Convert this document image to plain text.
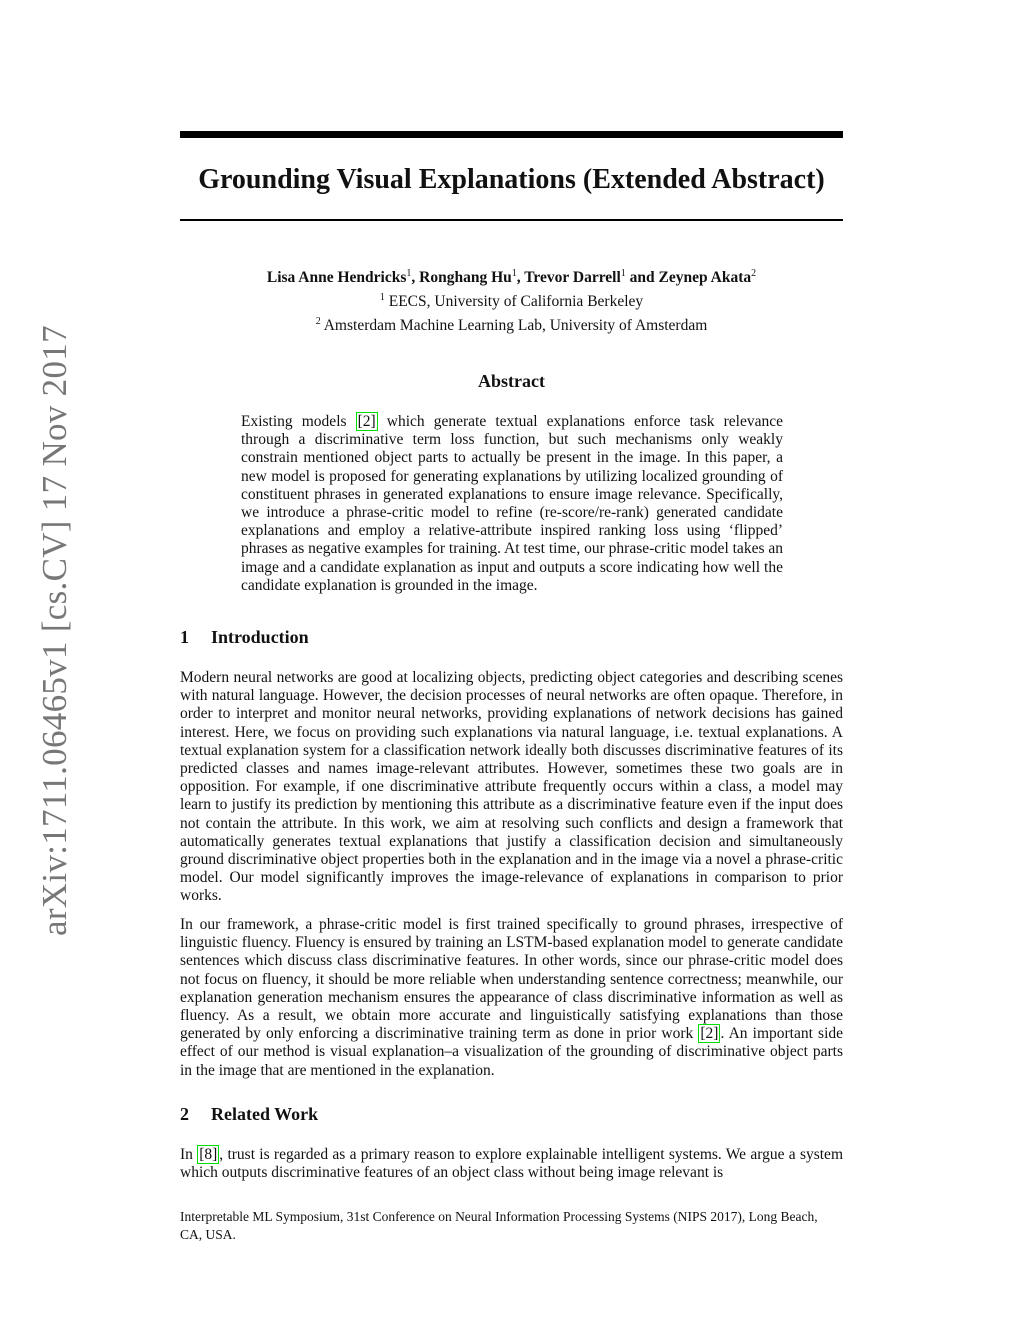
arXiv:1711.06465v1 [cs.CV] 17 Nov 2017
Grounding Visual Explanations (Extended Abstract)
Lisa Anne Hendricks$^1$, Ronghang Hu$^1$, Trevor Darrell$^1$ and Zeynep Akata$^2$
$^1$ EECS, University of California Berkeley
$^2$ Amsterdam Machine Learning Lab, University of Amsterdam
Abstract
Existing models [2] which generate textual explanations enforce task relevance through a discriminative term loss function, but such mechanisms only weakly constrain mentioned object parts to actually be present in the image. In this paper, a new model is proposed for generating explanations by utilizing localized grounding of constituent phrases in generated explanations to ensure image relevance. Specifically, we introduce a phrase-critic model to refine (re-score/re-rank) generated candidate explanations and employ a relative-attribute inspired ranking loss using ‘flipped’ phrases as negative examples for training. At test time, our phrase-critic model takes an image and a candidate explanation as input and outputs a score indicating how well the candidate explanation is grounded in the image.
1 Introduction
Modern neural networks are good at localizing objects, predicting object categories and describing scenes with natural language. However, the decision processes of neural networks are often opaque. Therefore, in order to interpret and monitor neural networks, providing explanations of network decisions has gained interest. Here, we focus on providing such explanations via natural language, i.e. textual explanations. A textual explanation system for a classification network ideally both discusses discriminative features of its predicted classes and names image-relevant attributes. However, sometimes these two goals are in opposition. For example, if one discriminative attribute frequently occurs within a class, a model may learn to justify its prediction by mentioning this attribute as a discriminative feature even if the input does not contain the attribute. In this work, we aim at resolving such conflicts and design a framework that automatically generates textual explanations that justify a classification decision and simultaneously ground discriminative object properties both in the explanation and in the image via a novel a phrase-critic model. Our model significantly improves the image-relevance of explanations in comparison to prior works.
In our framework, a phrase-critic model is first trained specifically to ground phrases, irrespective of linguistic fluency. Fluency is ensured by training an LSTM-based explanation model to generate candidate sentences which discuss class discriminative features. In other words, since our phrase-critic model does not focus on fluency, it should be more reliable when understanding sentence correctness; meanwhile, our explanation generation mechanism ensures the appearance of class discriminative information as well as fluency. As a result, we obtain more accurate and linguistically satisfying explanations than those generated by only enforcing a discriminative training term as done in prior work [2] . An important side effect of our method is visual explanation–a visualization of the grounding of discriminative object parts in the image that are mentioned in the explanation.
2 Related Work
In [8] , trust is regarded as a primary reason to explore explainable intelligent systems. We argue a system which outputs discriminative features of an object class without being image relevant is
Interpretable ML Symposium, 31st Conference on Neural Information Processing Systems (NIPS 2017), Long Beach, CA, USA.
